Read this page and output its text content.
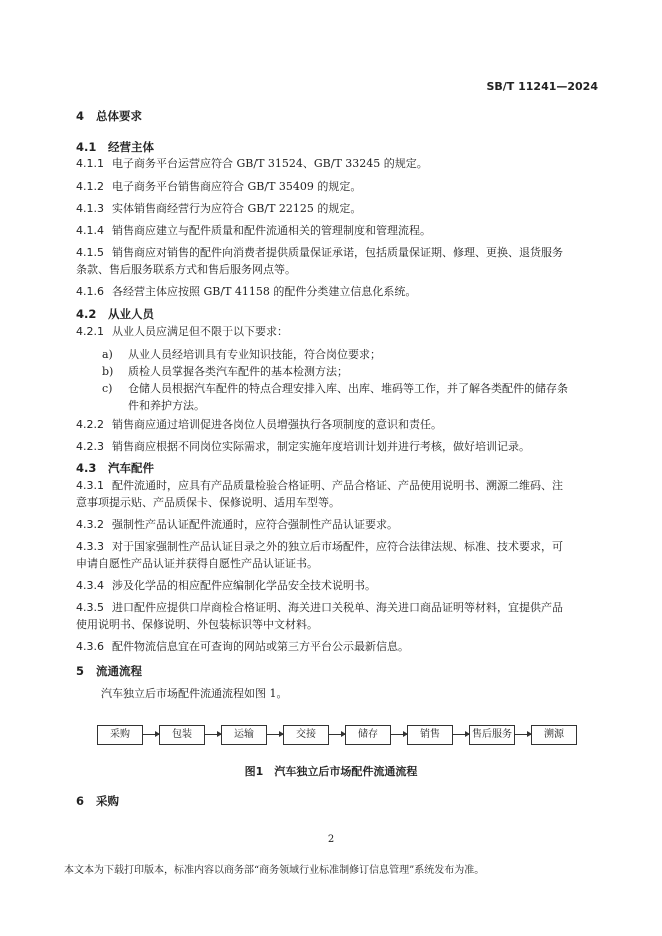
SB/T 11241—2024
4 总体要求
4.1 经营主体
4.1.1 电子商务平台运营应符合 GB/T 31524、GB/T 33245 的规定。
4.1.2 电子商务平台销售商应符合 GB/T 35409 的规定。
4.1.3 实体销售商经营行为应符合 GB/T 22125 的规定。
4.1.4 销售商应建立与配件质量和配件流通相关的管理制度和管理流程。
4.1.5 销售商应对销售的配件向消费者提供质量保证承诺，包括质量保证期、修理、更换、退货服务
条款、售后服务联系方式和售后服务网点等。
4.1.6 各经营主体应按照 GB/T 41158 的配件分类建立信息化系统。
4.2 从业人员
4.2.1 从业人员应满足但不限于以下要求：
a) 从业人员经培训具有专业知识技能，符合岗位要求；
b) 质检人员掌握各类汽车配件的基本检测方法；
c) 仓储人员根据汽车配件的特点合理安排入库、出库、堆码等工作，并了解各类配件的储存条
件和养护方法。
4.2.2 销售商应通过培训促进各岗位人员增强执行各项制度的意识和责任。
4.2.3 销售商应根据不同岗位实际需求，制定实施年度培训计划并进行考核，做好培训记录。
4.3 汽车配件
4.3.1 配件流通时，应具有产品质量检验合格证明、产品合格证、产品使用说明书、溯源二维码、注
意事项提示贴、产品质保卡、保修说明、适用车型等。
4.3.2 强制性产品认证配件流通时，应符合强制性产品认证要求。
4.3.3 对于国家强制性产品认证目录之外的独立后市场配件，应符合法律法规、标准、技术要求，可
申请自愿性产品认证并获得自愿性产品认证证书。
4.3.4 涉及化学品的相应配件应编制化学品安全技术说明书。
4.3.5 进口配件应提供口岸商检合格证明、海关进口关税单、海关进口商品证明等材料，宜提供产品
使用说明书、保修说明、外包装标识等中文材料。
4.3.6 配件物流信息宜在可查询的网站或第三方平台公示最新信息。
5 流通流程
汽车独立后市场配件流通流程如图 1。
采购	包装	运输	交接	储存	销售	售后服务	溯源
图1　汽车独立后市场配件流通流程
6 采购
2
本文本为下载打印版本，标准内容以商务部“商务领域行业标准制修订信息管理”系统发布为准。
